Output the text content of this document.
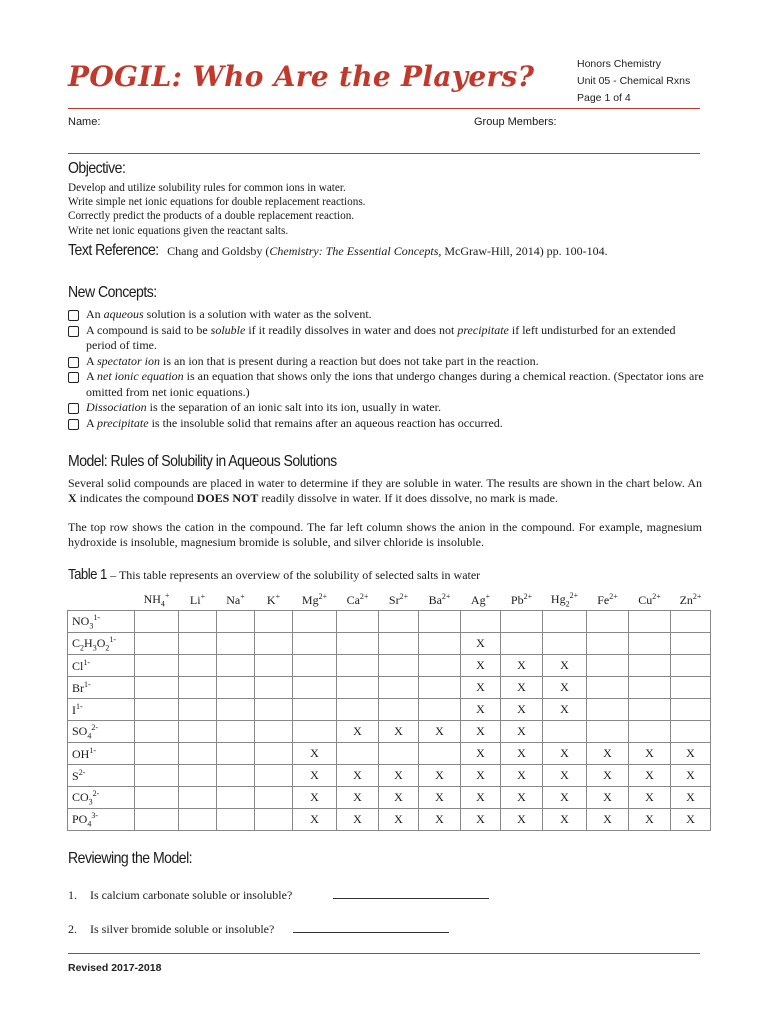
POGIL: Who Are the Players?	Honors Chemistry
Unit 05 - Chemical Rxns
Page 1 of 4
Name:	Group Members:
Objective:
Develop and utilize solubility rules for common ions in water.
Write simple net ionic equations for double replacement reactions.
Correctly predict the products of a double replacement reaction.
Write net ionic equations given the reactant salts.
Text Reference: Chang and Goldsby (Chemistry: The Essential Concepts, McGraw-Hill, 2014) pp. 100-104.
New Concepts:
An aqueous solution is a solution with water as the solvent.
A compound is said to be soluble if it readily dissolves in water and does not precipitate if left undisturbed for an extended period of time.
A spectator ion is an ion that is present during a reaction but does not take part in the reaction.
A net ionic equation is an equation that shows only the ions that undergo changes during a chemical reaction. (Spectator ions are omitted from net ionic equations.)
Dissociation is the separation of an ionic salt into its ion, usually in water.
A precipitate is the insoluble solid that remains after an aqueous reaction has occurred.
Model: Rules of Solubility in Aqueous Solutions
Several solid compounds are placed in water to determine if they are soluble in water. The results are shown in the chart below. An X indicates the compound DOES NOT readily dissolve in water. If it does dissolve, no mark is made.
The top row shows the cation in the compound. The far left column shows the anion in the compound. For example, magnesium hydroxide is insoluble, magnesium bromide is soluble, and silver chloride is insoluble.
Table 1 – This table represents an overview of the solubility of selected salts in water
	$NH_4^+$	Li+	Na+	K+	$Mg^{2+}$	$Ca^{2+}$	$Sr^{2+}$	$Ba^{2+}$	Ag+	$Pb^{2+}$	$Hg_2^{2+}$	$Fe^{2+}$	$Cu^{2+}$	$Zn^{2+}$
$NO_3^{1-}$														
$C_2H_3O_2^{1-}$									X					
$Cl^{1-}$									X	X	X			
$Br^{1-}$									X	X	X			
$I^{1-}$									X	X	X			
$SO_4^{2-}$						X	X	X	X	X				
$OH^{1-}$					X				X	X	X	X	X	X
$S^{2-}$					X	X	X	X	X	X	X	X	X	X
$CO_3^{2-}$					X	X	X	X	X	X	X	X	X	X
$PO_4^{3-}$					X	X	X	X	X	X	X	X	X	X
Reviewing the Model:
1. Is calcium carbonate soluble or insoluble?
2. Is silver bromide soluble or insoluble?
Revised 2017-2018
